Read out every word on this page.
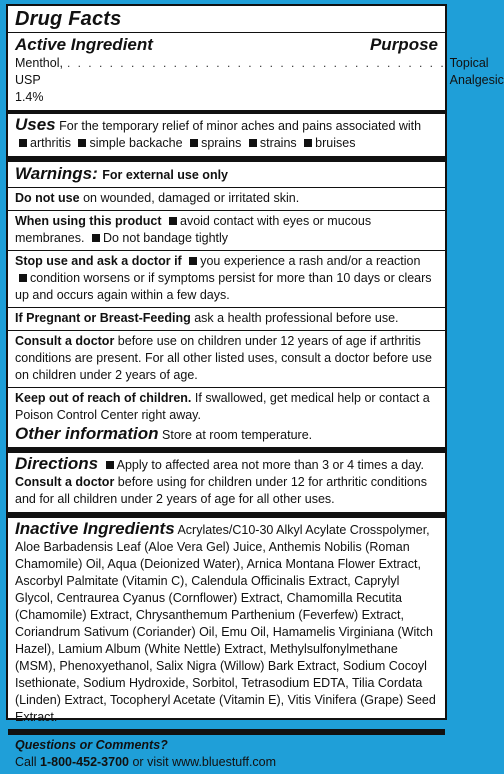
Drug Facts
Active Ingredient	Purpose
Menthol, USP 1.4%
. . . . . . . . . . . . . . . . . . . . . . . . . . . . . . . . . . . . Topical Analgesic
Uses For the temporary relief of minor aches and pains associated with arthritis simple backache sprains strains bruises
Warnings: For external use only
Do not use on wounded, damaged or irritated skin.
When using this product avoid contact with eyes or mucous membranes. Do not bandage tightly
Stop use and ask a doctor if you experience a rash and/or a reaction condition worsens or if symptoms persist for more than 10 days or clears up and occurs again within a few days.
If Pregnant or Breast-Feeding ask a health professional before use.
Consult a doctor before use on children under 12 years of age if arthritis conditions are present. For all other listed uses, consult a doctor before use on children under 2 years of age.
Keep out of reach of children. If swallowed, get medical help or contact a Poison Control Center right away.
Other information Store at room temperature.
Directions Apply to affected area not more than 3 or 4 times a day. Consult a doctor before using for children under 12 for arthritic conditions and for all children under 2 years of age for all other uses.
Inactive Ingredients Acrylates/C10-30 Alkyl Acylate Crosspolymer, Aloe Barbadensis Leaf (Aloe Vera Gel) Juice, Anthemis Nobilis (Roman Chamomile) Oil, Aqua (Deionized Water), Arnica Montana Flower Extract, Ascorbyl Palmitate (Vitamin C), Calendula Officinalis Extract, Caprylyl Glycol, Centraurea Cyanus (Cornflower) Extract, Chamomilla Recutita (Chamomile) Extract, Chrysanthemum Parthenium (Feverfew) Extract, Coriandrum Sativum (Coriander) Oil, Emu Oil, Hamamelis Virginiana (Witch Hazel), Lamium Album (White Nettle) Extract, Methylsulfonylmethane (MSM), Phenoxyethanol, Salix Nigra (Willow) Bark Extract, Sodium Cocoyl Isethionate, Sodium Hydroxide, Sorbitol, Tetrasodium EDTA, Tilia Cordata (Linden) Extract, Tocopheryl Acetate (Vitamin E), Vitis Vinifera (Grape) Seed Extract.
Questions or Comments?
Call 1-800-452-3700 or visit www.bluestuff.com
